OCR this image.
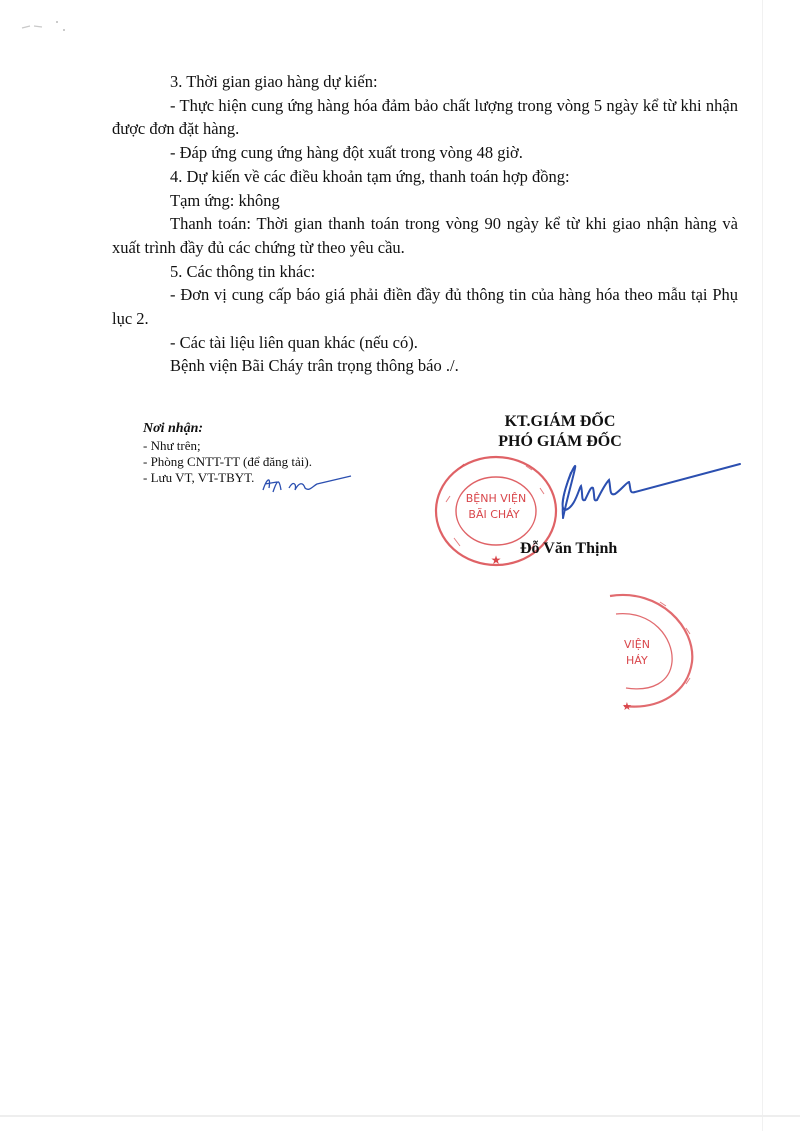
3. Thời gian giao hàng dự kiến:

- Thực hiện cung ứng hàng hóa đảm bảo chất lượng trong vòng 5 ngày kể từ khi nhận được đơn đặt hàng.

- Đáp ứng cung ứng hàng đột xuất trong vòng 48 giờ.

4. Dự kiến về các điều khoản tạm ứng, thanh toán hợp đồng:

Tạm ứng: không

Thanh toán: Thời gian thanh toán trong vòng 90 ngày kể từ khi giao nhận hàng và xuất trình đầy đủ các chứng từ theo yêu cầu.

5. Các thông tin khác:

- Đơn vị cung cấp báo giá phải điền đầy đủ thông tin của hàng hóa theo mẫu tại Phụ lục 2.

- Các tài liệu liên quan khác (nếu có).

Bệnh viện Bãi Cháy trân trọng thông báo ./.

Nơi nhận:
- Như trên;
- Phòng CNTT-TT (để đăng tải).
- Lưu VT, VT-TBYT.
BỆNH VIỆN
BÃI CHÁY
★
KT.GIÁM ĐỐC
PHÓ GIÁM ĐỐC
Đỗ Văn Thịnh
VIỆN
HÁY
★
